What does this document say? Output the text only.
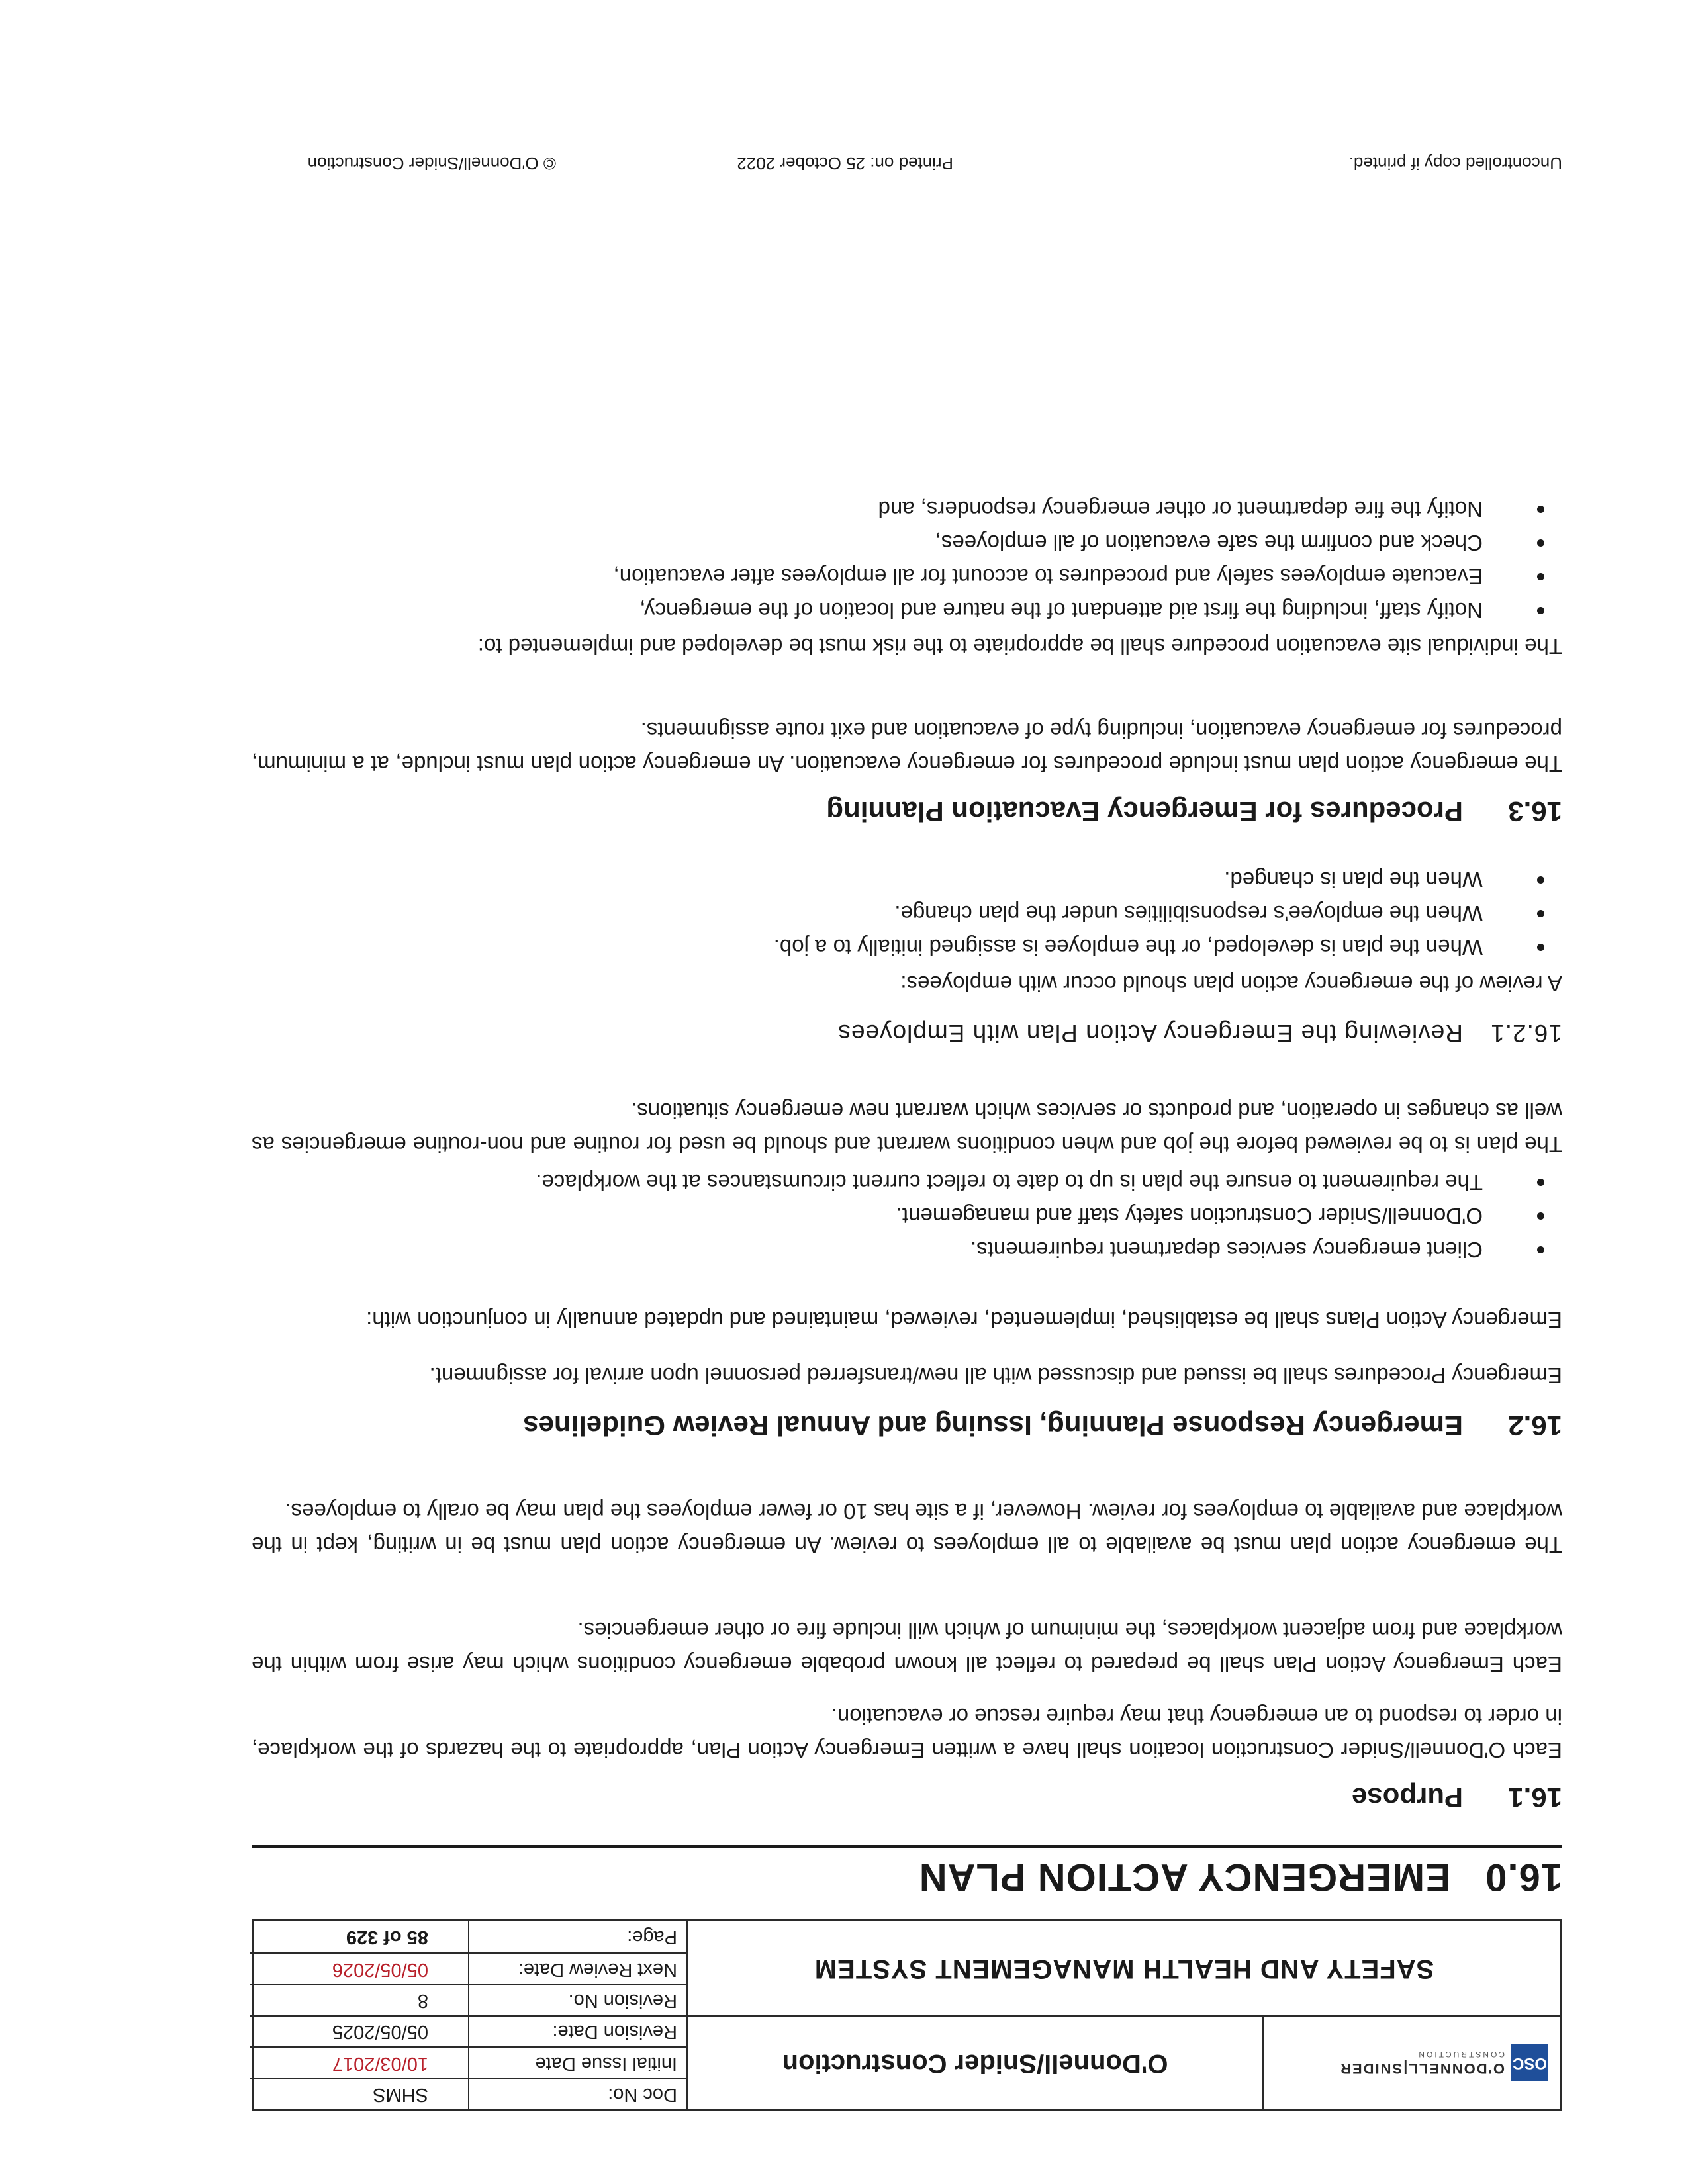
OSC
O'DONNELL|SNIDER
CONSTRUCTION
O'Donnell/Snider Construction
SAFETY AND HEALTH MANAGEMENT SYSTEM
Doc No:
SHMS
Initial Issue Date
10/03/2017
Revision Date:
05/05/2025
Revision No.
8
Next Review Date:
05/05/2026
Page:
85 of 329
16.0   EMERGENCY ACTION PLAN
16.1Purpose
Each O'Donnell/Snider Construction location shall have a written Emergency Action Plan, appropriate to the hazards of the workplace, in order to respond to an emergency that may require rescue or evacuation.
Each Emergency Action Plan shall be prepared to reflect all known probable emergency conditions which may arise from within the workplace and from adjacent workplaces, the minimum of which will include fire or other emergencies.
The emergency action plan must be available to all employees to review. An emergency action plan must be in writing, kept in the workplace and available to employees for review. However, if a site has 10 or fewer employees the plan may be orally to employees.
16.2Emergency Response Planning, Issuing and Annual Review Guidelines
Emergency Procedures shall be issued and discussed with all new/transferred personnel upon arrival for assignment.
Emergency Action Plans shall be established, implemented, reviewed, maintained and updated annually in conjunction with:
Client emergency services department requirements.
O'Donnell/Snider Construction safety staff and management.
The requirement to ensure the plan is up to date to reflect current circumstances at the workplace.
The plan is to be reviewed before the job and when conditions warrant and should be used for routine and non-routine emergencies as well as changes in operation, and products or services which warrant new emergency situations.
16.2.1Reviewing the Emergency Action Plan with Employees
A review of the emergency action plan should occur with employees:
When the plan is developed, or the employee is assigned initially to a job.
When the employee's responsibilities under the plan change.
When the plan is changed.
16.3Procedures for Emergency Evacuation Planning
The emergency action plan must include procedures for emergency evacuation. An emergency action plan must include, at a minimum, procedures for emergency evacuation, including type of evacuation and exit route assignments.
The individual site evacuation procedure shall be appropriate to the risk must be developed and implemented to:
Notify staff, including the first aid attendant of the nature and location of the emergency,
Evacuate employees safely and procedures to account for all employees after evacuation,
Check and confirm the safe evacuation of all employees,
Notify the fire department or other emergency responders, and
Uncontrolled copy if printed.
Printed on: 25 October 2022
© O'Donnell/Snider Construction
